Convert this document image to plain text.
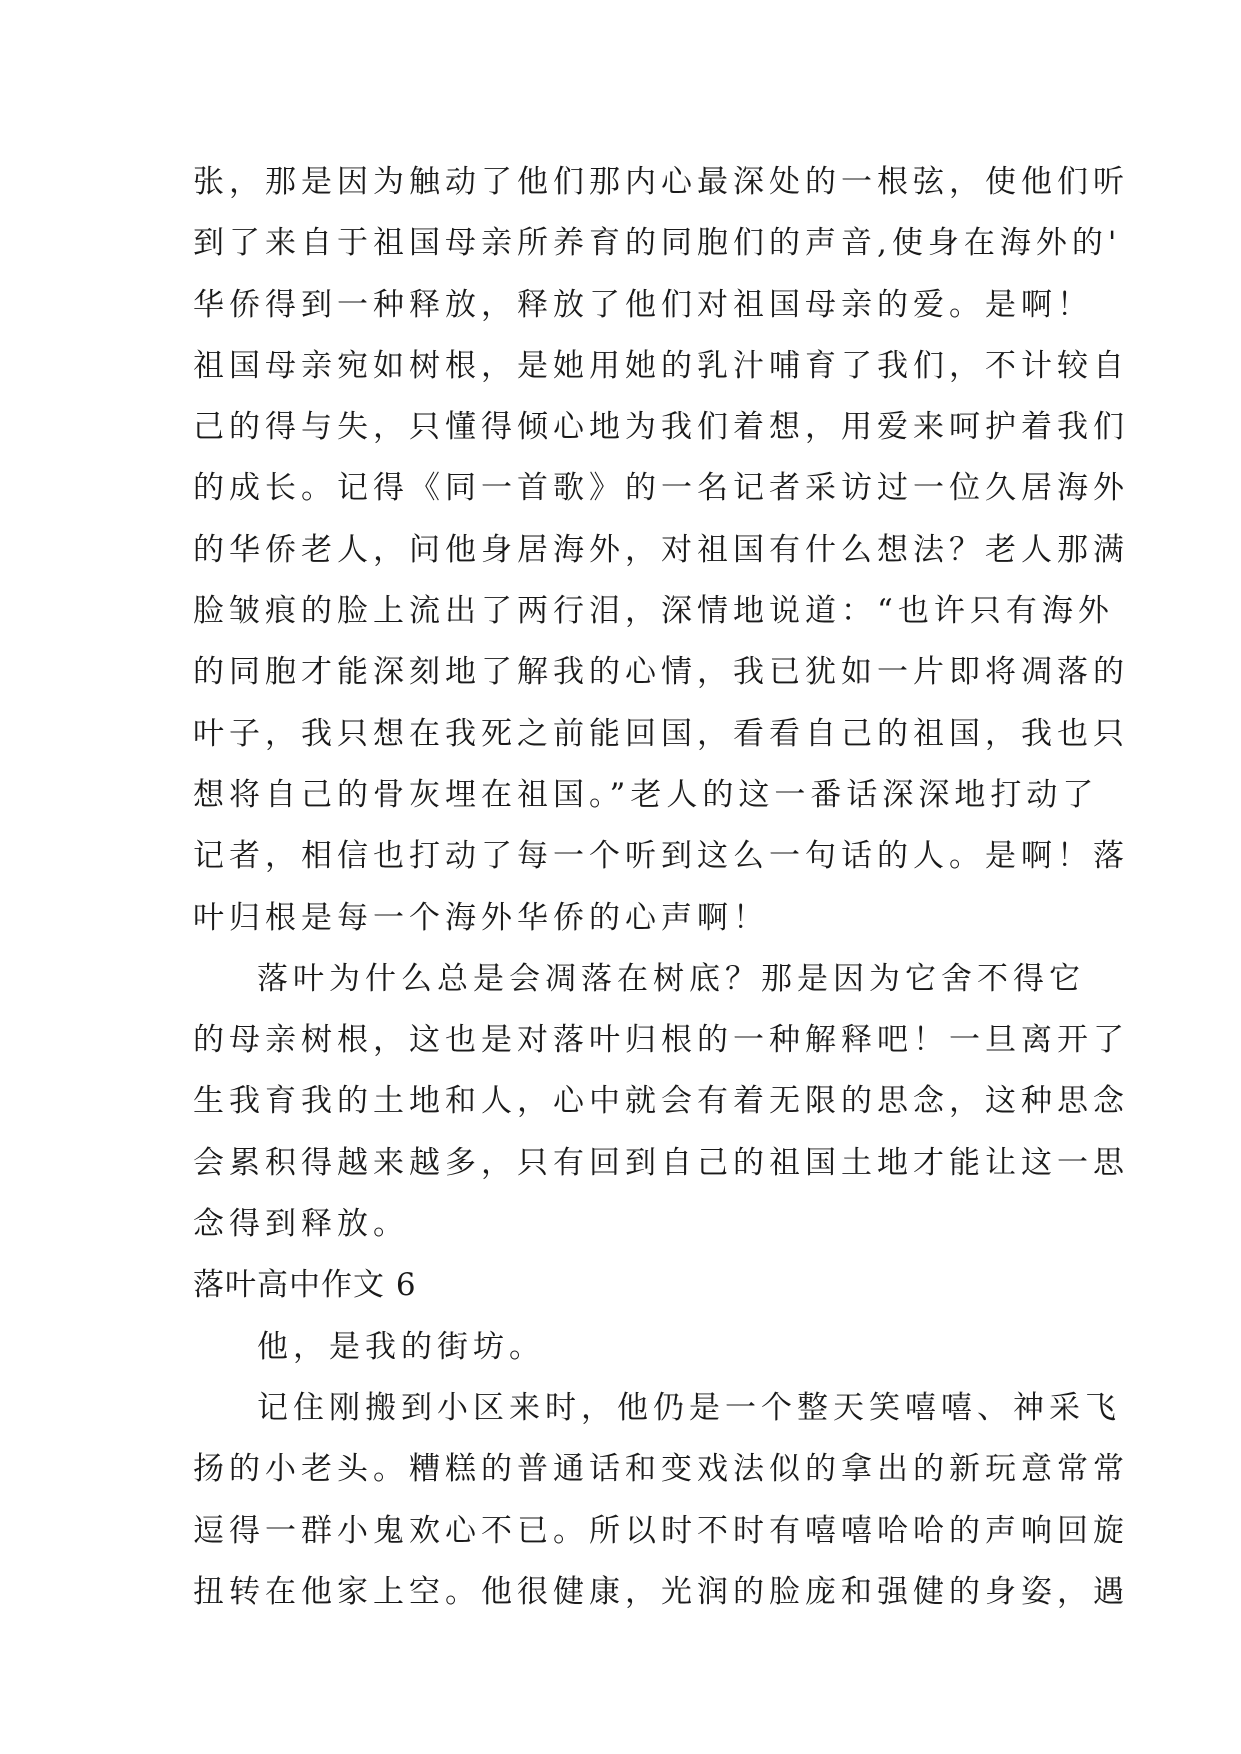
张，那是因为触动了他们那内心最深处的一根弦，使他们听
到了来自于祖国母亲所养育的同胞们的声音,使身在海外的'
华侨得到一种释放，释放了他们对祖国母亲的爱。是啊！
祖国母亲宛如树根，是她用她的乳汁哺育了我们，不计较自
己的得与失，只懂得倾心地为我们着想，用爱来呵护着我们
的成长。记得《同一首歌》的一名记者采访过一位久居海外
的华侨老人，问他身居海外，对祖国有什么想法？老人那满
脸皱痕的脸上流出了两行泪，深情地说道：“也许只有海外
的同胞才能深刻地了解我的心情，我已犹如一片即将凋落的
叶子，我只想在我死之前能回国，看看自己的祖国，我也只
想将自己的骨灰埋在祖国。”老人的这一番话深深地打动了
记者，相信也打动了每一个听到这么一句话的人。是啊！落
叶归根是每一个海外华侨的心声啊！
落叶为什么总是会凋落在树底？那是因为它舍不得它
的母亲树根，这也是对落叶归根的一种解释吧！一旦离开了
生我育我的土地和人，心中就会有着无限的思念，这种思念
会累积得越来越多，只有回到自己的祖国土地才能让这一思
念得到释放。
落叶高中作文 6
他，是我的街坊。
记住刚搬到小区来时，他仍是一个整天笑嘻嘻、神采飞
扬的小老头。糟糕的普通话和变戏法似的拿出的新玩意常常
逗得一群小鬼欢心不已。所以时不时有嘻嘻哈哈的声响回旋
扭转在他家上空。他很健康，光润的脸庞和强健的身姿，遇
